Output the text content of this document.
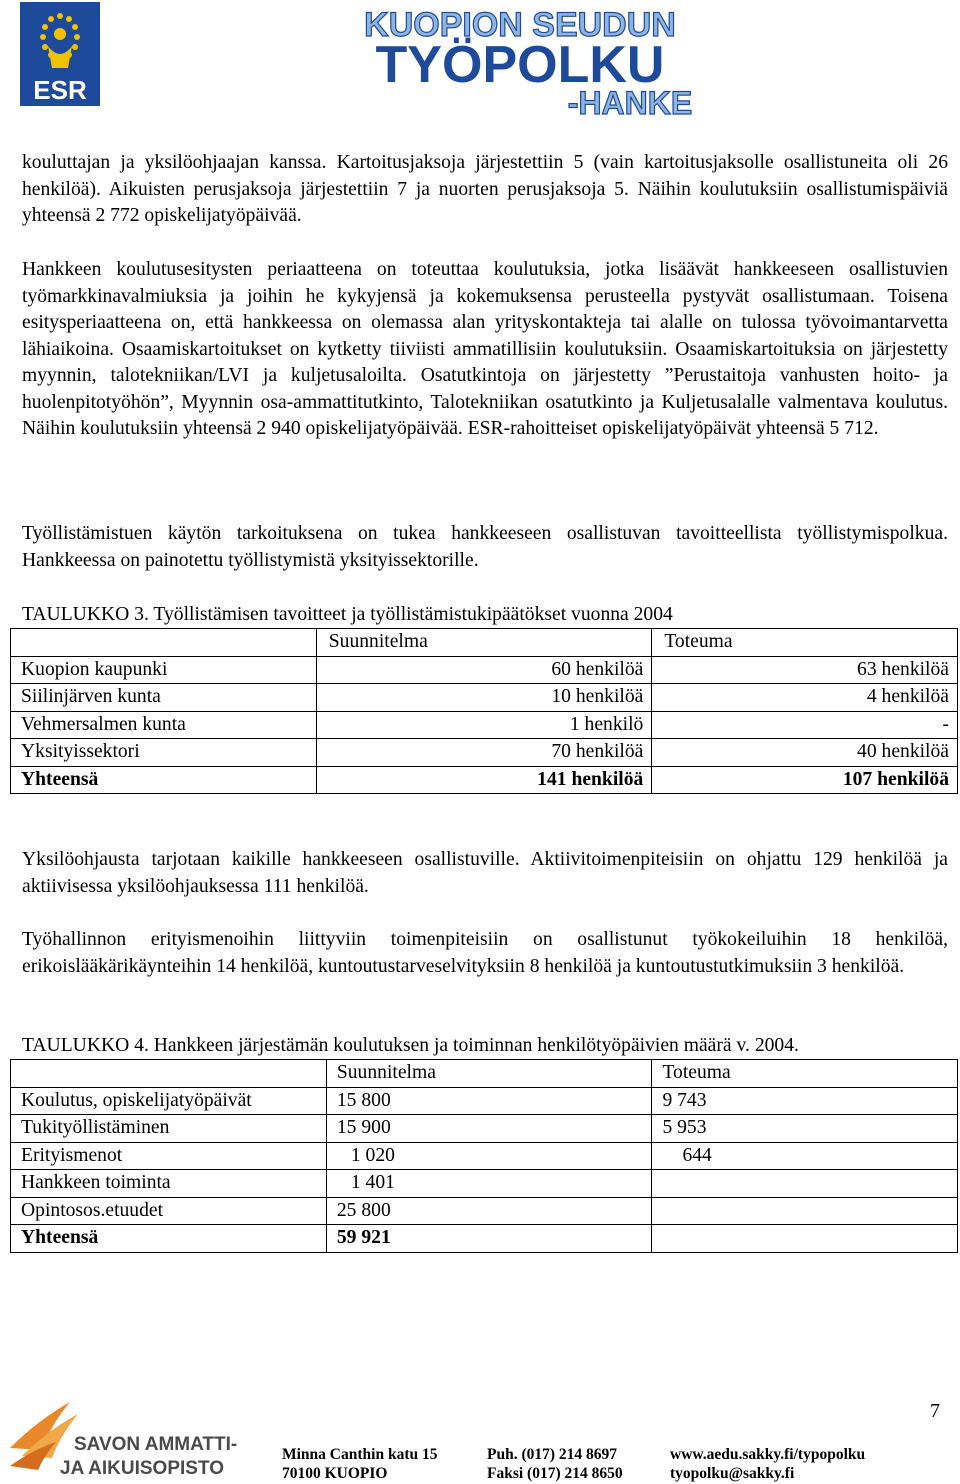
ESR
KUOPION SEUDUN
TYÖPOLKU
-HANKE
kouluttajan ja yksilöohjaajan kanssa. Kartoitusjaksoja järjestettiin 5 (vain kartoitusjaksolle osallistuneita oli 26 henkilöä). Aikuisten perusjaksoja järjestettiin 7 ja nuorten perusjaksoja 5. Näihin koulutuksiin osallistumispäiviä yhteensä 2 772 opiskelijatyöpäivää.
Hankkeen koulutusesitysten periaatteena on toteuttaa koulutuksia, jotka lisäävät hankkeeseen osallistuvien työmarkkinavalmiuksia ja joihin he kykyjensä ja kokemuksensa perusteella pystyvät osallistumaan. Toisena esitysperiaatteena on, että hankkeessa on olemassa alan yrityskontakteja tai alalle on tulossa työvoimantarvetta lähiaikoina. Osaamiskartoitukset on kytketty tiiviisti ammatillisiin koulutuksiin. Osaamiskartoituksia on järjestetty myynnin, talotekniikan/LVI ja kuljetusaloilta. Osatutkintoja on järjestetty ”Perustaitoja vanhusten hoito- ja huolenpitotyöhön”, Myynnin osa-ammattitutkinto, Talotekniikan osatutkinto ja Kuljetusalalle valmentava koulutus. Näihin koulutuksiin yhteensä 2 940 opiskelijatyöpäivää. ESR-rahoitteiset opiskelijatyöpäivät yhteensä 5 712.
Työllistämistuen käytön tarkoituksena on tukea hankkeeseen osallistuvan tavoitteellista työllistymispolkua. Hankkeessa on painotettu työllistymistä yksityissektorille.
TAULUKKO 3. Työllistämisen tavoitteet ja työllistämistukipäätökset vuonna 2004
	Suunnitelma	Toteuma
Kuopion kaupunki	60 henkilöä	63 henkilöä
Siilinjärven kunta	10 henkilöä	4 henkilöä
Vehmersalmen kunta	1 henkilö	-
Yksityissektori	70 henkilöä	40 henkilöä
Yhteensä	141 henkilöä	107 henkilöä
Yksilöohjausta tarjotaan kaikille hankkeeseen osallistuville. Aktiivitoimenpiteisiin on ohjattu 129 henkilöä ja aktiivisessa yksilöohjauksessa 111 henkilöä.
Työhallinnon erityismenoihin liittyviin toimenpiteisiin on osallistunut työkokeiluihin 18 henkilöä, erikoislääkärikäynteihin 14 henkilöä, kuntoutustarveselvityksiin 8 henkilöä ja kuntoutustutkimuksiin 3 henkilöä.
TAULUKKO 4. Hankkeen järjestämän koulutuksen ja toiminnan henkilötyöpäivien määrä v. 2004.
	Suunnitelma	Toteuma
Koulutus, opiskelijatyöpäivät	15 800	9 743
Tukityöllistäminen	15 900	5 953
Erityismenot	1 020	644
Hankkeen toiminta	1 401	
Opintosos.etuudet	25 800	
Yhteensä	59 921	
7
SAVON AMMATTI-
JA AIKUISOPISTO
Minna Canthin katu 15
70100 KUOPIO
Puh. (017) 214 8697
Faksi (017) 214 8650
www.aedu.sakky.fi/typopolku
tyopolku@sakky.fi
